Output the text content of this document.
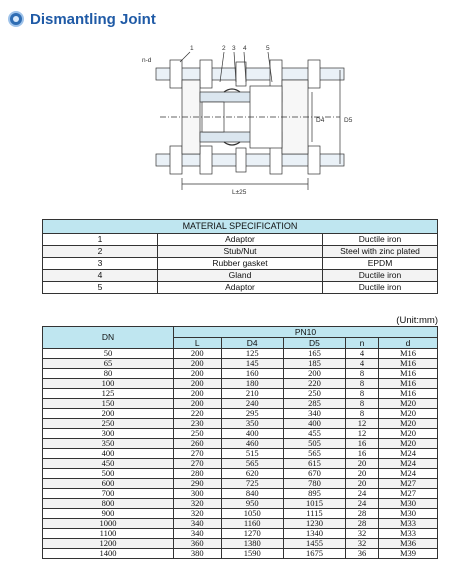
Dismantling Joint
1	2 3 4	5
n-d
D4	D5
L±25
MATERIAL SPECIFICATION		
1	Adaptor	Ductile iron
2	Stub/Nut	Steel with zinc plated
3	Rubber gasket	EPDM
4	Gland	Ductile iron
5	Adaptor	Ductile iron
(Unit:mm)
DN	PN10				
	L	D4	D5	n	d
50	200	125	165	4	M16
65	200	145	185	4	M16
80	200	160	200	8	M16
100	200	180	220	8	M16
125	200	210	250	8	M16
150	200	240	285	8	M20
200	220	295	340	8	M20
250	230	350	400	12	M20
300	250	400	455	12	M20
350	260	460	505	16	M20
400	270	515	565	16	M24
450	270	565	615	20	M24
500	280	620	670	20	M24
600	290	725	780	20	M27
700	300	840	895	24	M27
800	320	950	1015	24	M30
900	320	1050	1115	28	M30
1000	340	1160	1230	28	M33
1100	340	1270	1340	32	M33
1200	360	1380	1455	32	M36
1400	380	1590	1675	36	M39
